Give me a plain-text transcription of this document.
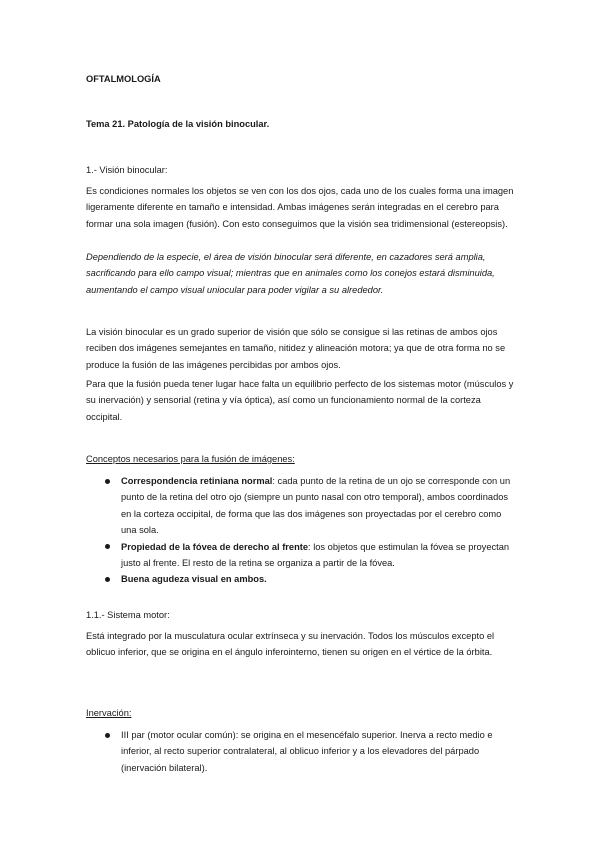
OFTALMOLOGÍA

Tema 21. Patología de la visión binocular.

1.- Visión binocular:

Es condiciones normales los objetos se ven con los dos ojos, cada uno de los cuales forma una imagen ligeramente diferente en tamaño e intensidad. Ambas imágenes serán integradas en el cerebro para formar una sola imagen (fusión). Con esto conseguimos que la visión sea tridimensional (estereopsis).

Dependiendo de la especie, el área de visión binocular será diferente, en cazadores será amplia, sacrificando para ello campo visual; mientras que en animales como los conejos estará disminuida, aumentando el campo visual uniocular para poder vigilar a su alrededor.

La visión binocular es un grado superior de visión que sólo se consigue si las retinas de ambos ojos reciben dos imágenes semejantes en tamaño, nitidez y alineación motora; ya que de otra forma no se produce la fusión de las imágenes percibidas por ambos ojos.

Para que la fusión pueda tener lugar hace falta un equilibrio perfecto de los sistemas motor (músculos y su inervación) y sensorial (retina y vía óptica), así como un funcionamiento normal de la corteza occipital.

Conceptos necesarios para la fusión de imágenes:

Correspondencia retiniana normal: cada punto de la retina de un ojo se corresponde con un punto de la retina del otro ojo (siempre un punto nasal con otro temporal), ambos coordinados en la corteza occipital, de forma que las dos imágenes son proyectadas por el cerebro como una sola.
Propiedad de la fóvea de derecho al frente: los objetos que estimulan la fóvea se proyectan justo al frente. El resto de la retina se organiza a partir de la fóvea.
Buena agudeza visual en ambos.

1.1.- Sistema motor:

Está integrado por la musculatura ocular extrínseca y su inervación. Todos los músculos excepto el oblicuo inferior, que se origina en el ángulo inferointerno, tienen su origen en el vértice de la órbita.

Inervación:

III par (motor ocular común): se origina en el mesencéfalo superior. Inerva a recto medio e inferior, al recto superior contralateral, al oblicuo inferior y a los elevadores del párpado (inervación bilateral).
